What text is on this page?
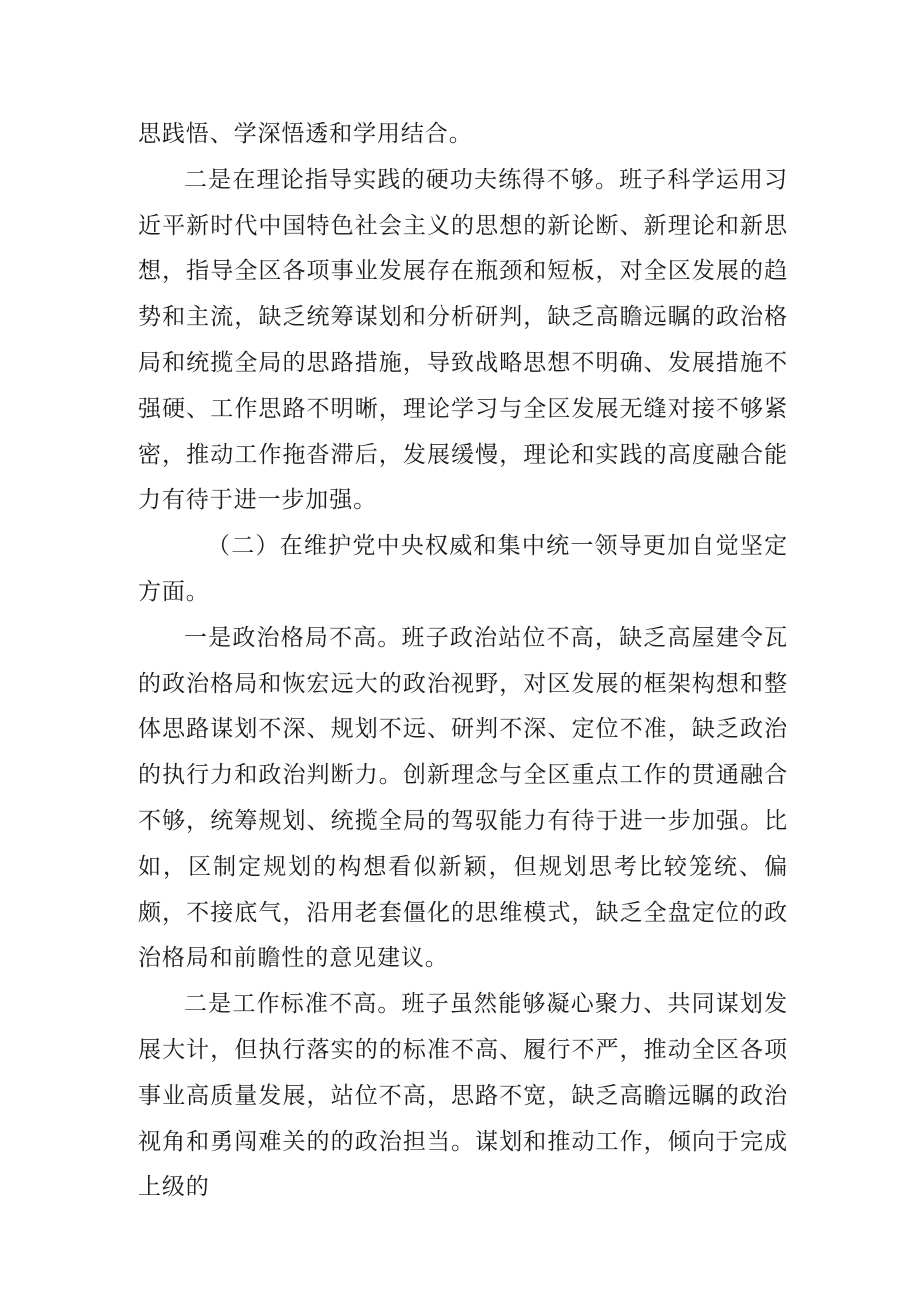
思践悟、学深悟透和学用结合。

二是在理论指导实践的硬功夫练得不够。班子科学运用习近平新时代中国特色社会主义的思想的新论断、新理论和新思想，指导全区各项事业发展存在瓶颈和短板，对全区发展的趋势和主流，缺乏统筹谋划和分析研判，缺乏高瞻远瞩的政治格局和统揽全局的思路措施，导致战略思想不明确、发展措施不强硬、工作思路不明晰，理论学习与全区发展无缝对接不够紧密，推动工作拖沓滞后，发展缓慢，理论和实践的高度融合能力有待于进一步加强。

（二）在维护党中央权威和集中统一领导更加自觉坚定方面。

一是政治格局不高。班子政治站位不高，缺乏高屋建令瓦的政治格局和恢宏远大的政治视野，对区发展的框架构想和整体思路谋划不深、规划不远、研判不深、定位不准，缺乏政治的执行力和政治判断力。创新理念与全区重点工作的贯通融合不够，统筹规划、统揽全局的驾驭能力有待于进一步加强。比如，区制定规划的构想看似新颖，但规划思考比较笼统、偏颇，不接底气，沿用老套僵化的思维模式，缺乏全盘定位的政治格局和前瞻性的意见建议。

二是工作标准不高。班子虽然能够凝心聚力、共同谋划发展大计，但执行落实的的标准不高、履行不严，推动全区各项事业高质量发展，站位不高，思路不宽，缺乏高瞻远瞩的政治视角和勇闯难关的的政治担当。谋划和推动工作，倾向于完成上级的
